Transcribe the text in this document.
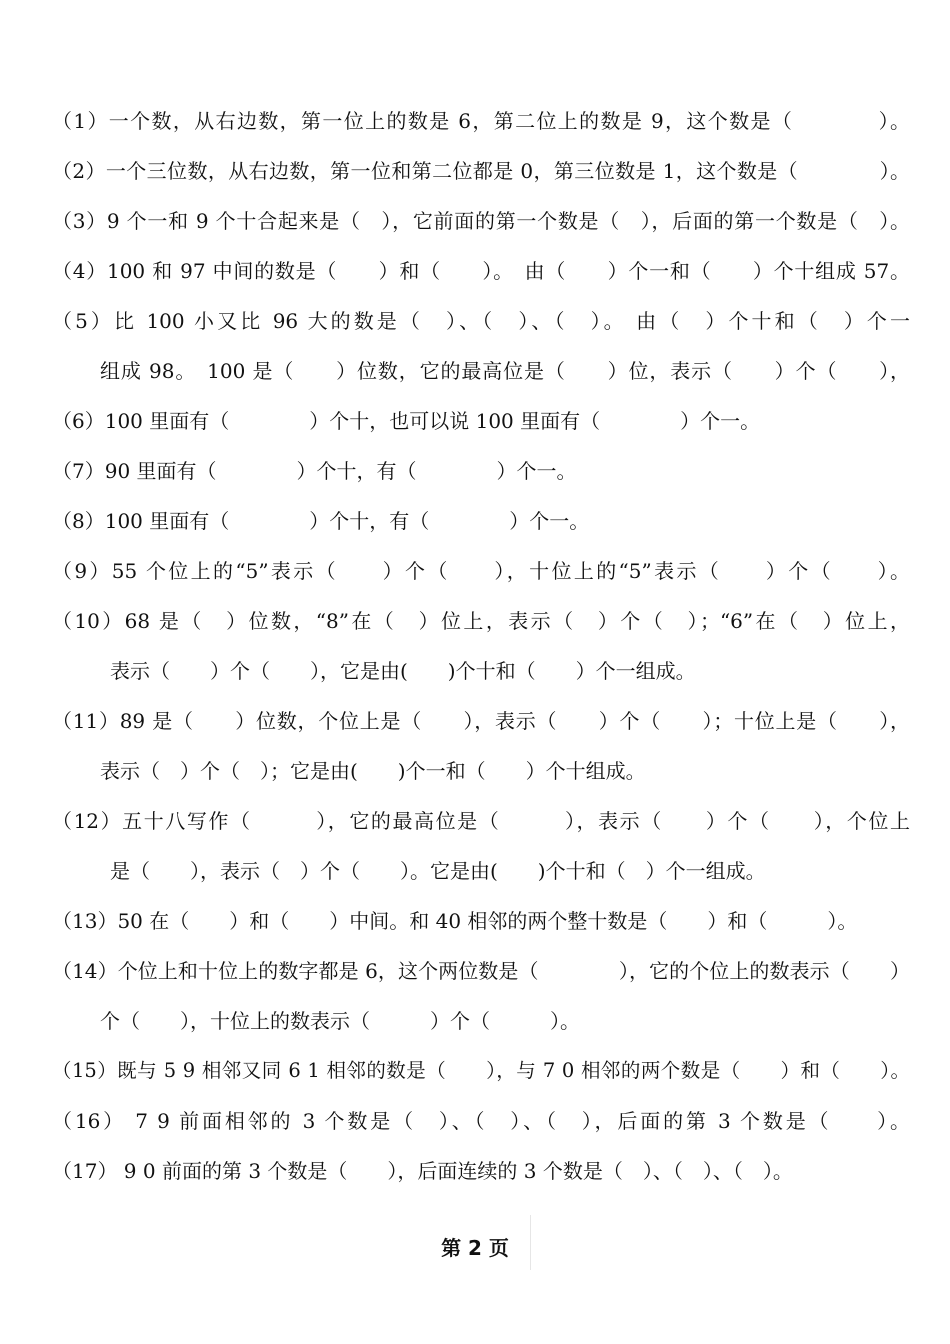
（1）一个数，从右边数，第一位上的数是 6，第二位上的数是 9，这个数是（　　　　）。
（2）一个三位数，从右边数，第一位和第二位都是 0，第三位数是 1，这个数是（　　　　）。
（3）9 个一和 9 个十合起来是（　），它前面的第一个数是（　），后面的第一个数是（　）。
（4）100 和 97 中间的数是（　　）和（　　）。　由（　　）个一和（　　）个十组成 57。
（5）比 100 小又比 96 大的数是（　）、（　）、（　）。 由（　）个十和（　）个一
组成 98。　100 是（　　）位数，它的最高位是（　　）位，表示（　　）个（　　），
（6）100 里面有（　　　　）个十，也可以说 100 里面有（　　　　）个一。
（7）90 里面有（　　　　）个十，有（　　　　）个一。
（8）100 里面有（　　　　）个十，有（　　　　）个一。
（9）55 个位上的“5”表示（　　）个（　　），十位上的“5”表示（　　）个（　　）。
（10）68 是（　）位数，“8”在（　）位上，表示（　）个（　）；“6”在（　）位上，
表示（　　）个（　　），它是由(　　)个十和（　　）个一组成。
（11）89 是（　　）位数，个位上是（　　），表示（　　）个（　　）；十位上是（　　），
表示（　）个（　）；它是由(　　)个一和（　　）个十组成。
（12）五十八写作（　　　），它的最高位是（　　　），表示（　　）个（　　），个位上
是（　　），表示（　）个（　　）。它是由(　　)个十和（　）个一组成。
（13）50 在（　　）和（　　）中间。和 40 相邻的两个整十数是（　　）和（　　　）。
（14）个位上和十位上的数字都是 6，这个两位数是（　　　　），它的个位上的数表示（　　）
个（　　），十位上的数表示（　　　）个（　　　）。
（15）既与 5 9 相邻又同 6 1 相邻的数是（　　），与 7 0 相邻的两个数是（　　）和（　　）。
（16） 7 9 前面相邻的 3 个数是（　）、（　）、（　），后面的第 3 个数是（　　）。
（17） 9 0 前面的第 3 个数是（　　），后面连续的 3 个数是（　）、（　）、（　）。
第 2 页
